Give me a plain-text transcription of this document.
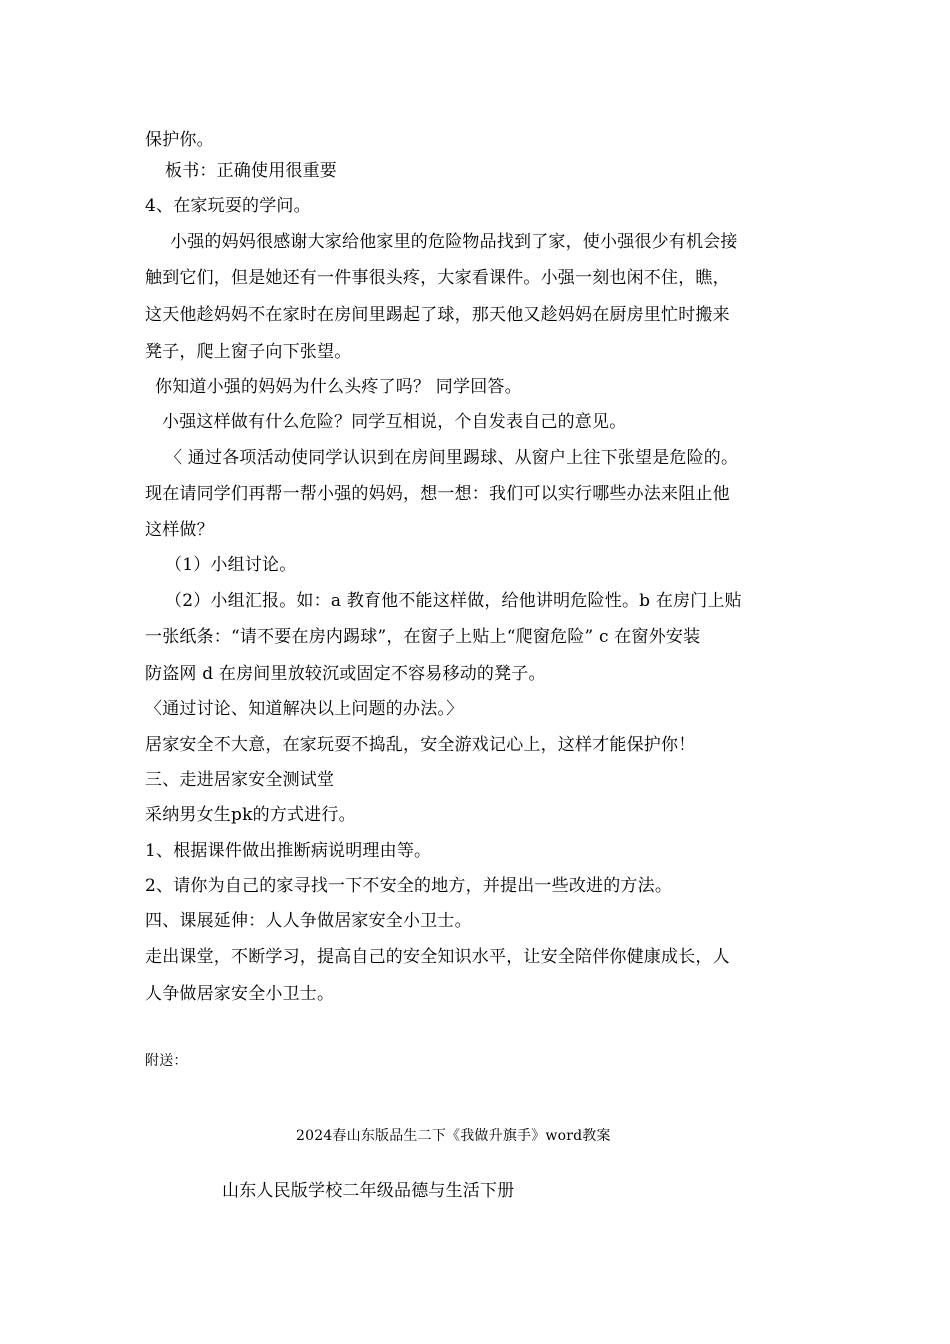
保护你。
板书：正确使用很重要
4、在家玩耍的学问。
小强的妈妈很感谢大家给他家里的危险物品找到了家，使小强很少有机会接
触到它们，但是她还有一件事很头疼，大家看课件。小强一刻也闲不住，瞧，
这天他趁妈妈不在家时在房间里踢起了球，那天他又趁妈妈在厨房里忙时搬来
凳子，爬上窗子向下张望。
你知道小强的妈妈为什么头疼了吗？ 同学回答。
小强这样做有什么危险？同学互相说，个自发表自己的意见。
〈 通过各项活动使同学认识到在房间里踢球、从窗户上往下张望是危险的。
现在请同学们再帮一帮小强的妈妈，想一想：我们可以实行哪些办法来阻止他
这样做？
（1）小组讨论。
（2）小组汇报。如：a 教育他不能这样做，给他讲明危险性。b 在房门上贴
一张纸条：“请不要在房内踢球”，在窗子上贴上“爬窗危险” c 在窗外安装
防盗网 d 在房间里放较沉或固定不容易移动的凳子。
〈通过讨论、知道解决以上问题的办法。〉
居家安全不大意，在家玩耍不捣乱，安全游戏记心上，这样才能保护你！
三、走进居家安全测试堂
采纳男女生pk的方式进行。
1、根据课件做出推断病说明理由等。
2、请你为自己的家寻找一下不安全的地方，并提出一些改进的方法。
四、课展延伸：人人争做居家安全小卫士。
走出课堂，不断学习，提高自己的安全知识水平，让安全陪伴你健康成长，人
人争做居家安全小卫士。
附送：
2024春山东版品生二下《我做升旗手》word教案
山东人民版学校二年级品德与生活下册
